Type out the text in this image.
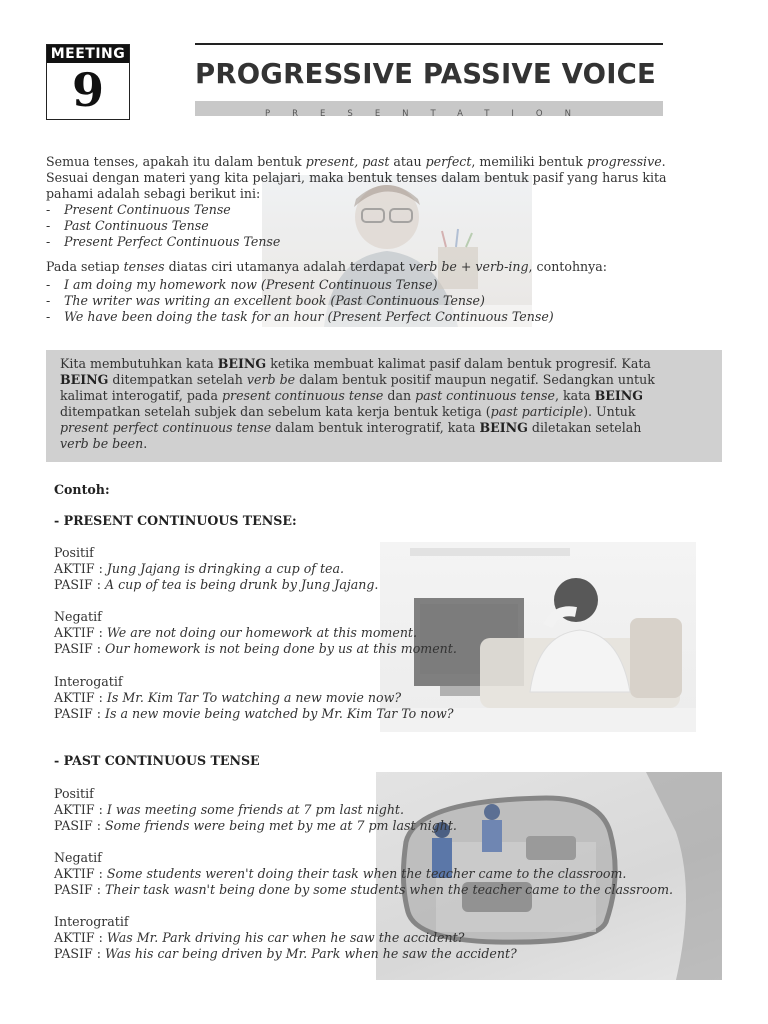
MEETING
9	PROGRESSIVE PASSIVE VOICE
PRESENTATION
Semua tenses, apakah itu dalam bentuk present, past atau perfect, memiliki bentuk progressive.
Sesuai dengan materi yang kita pelajari, maka bentuk tenses dalam bentuk pasif yang harus kita
pahami adalah sebagi berikut ini:
-	Present Continuous Tense
-	Past Continuous Tense
-	Present Perfect Continuous Tense
Pada setiap tenses diatas ciri utamanya adalah terdapat verb be + verb-ing, contohnya:
-	I am doing my homework now (Present Continuous Tense)
-	The writer was writing an excellent book (Past Continuous Tense)
-	We have been doing the task for an hour (Present Perfect Continuous Tense)
Kita membutuhkan kata BEING ketika membuat kalimat pasif dalam bentuk progresif. Kata
BEING ditempatkan setelah verb be dalam bentuk positif maupun negatif. Sedangkan untuk
kalimat interogatif, pada present continuous tense dan past continuous tense, kata BEING
ditempatkan setelah subjek dan sebelum kata kerja bentuk ketiga (past participle). Untuk
present perfect continuous tense dalam bentuk interogratif, kata BEING diletakan setelah
verb be been.
Contoh:
- PRESENT CONTINUOUS TENSE:
Positif
AKTIF : Jung Jajang is dringking a cup of tea.
PASIF : A cup of tea is being drunk by Jung Jajang.
Negatif
AKTIF : We are not doing our homework at this moment.
PASIF : Our homework is not being done by us at this moment.
Interogatif
AKTIF : Is Mr. Kim Tar To watching a new movie now?
PASIF : Is a new movie being watched by Mr. Kim Tar To now?
- PAST CONTINUOUS TENSE
Positif
AKTIF : I was meeting some friends at 7 pm last night.
PASIF : Some friends were being met by me at 7 pm last night.
Negatif
AKTIF : Some students weren't doing their task when the teacher came to the classroom.
PASIF : Their task wasn't being done by some students when the teacher came to the classroom.
Interogratif
AKTIF : Was Mr. Park driving his car when he saw the accident?
PASIF : Was his car being driven by Mr. Park when he saw the accident?
